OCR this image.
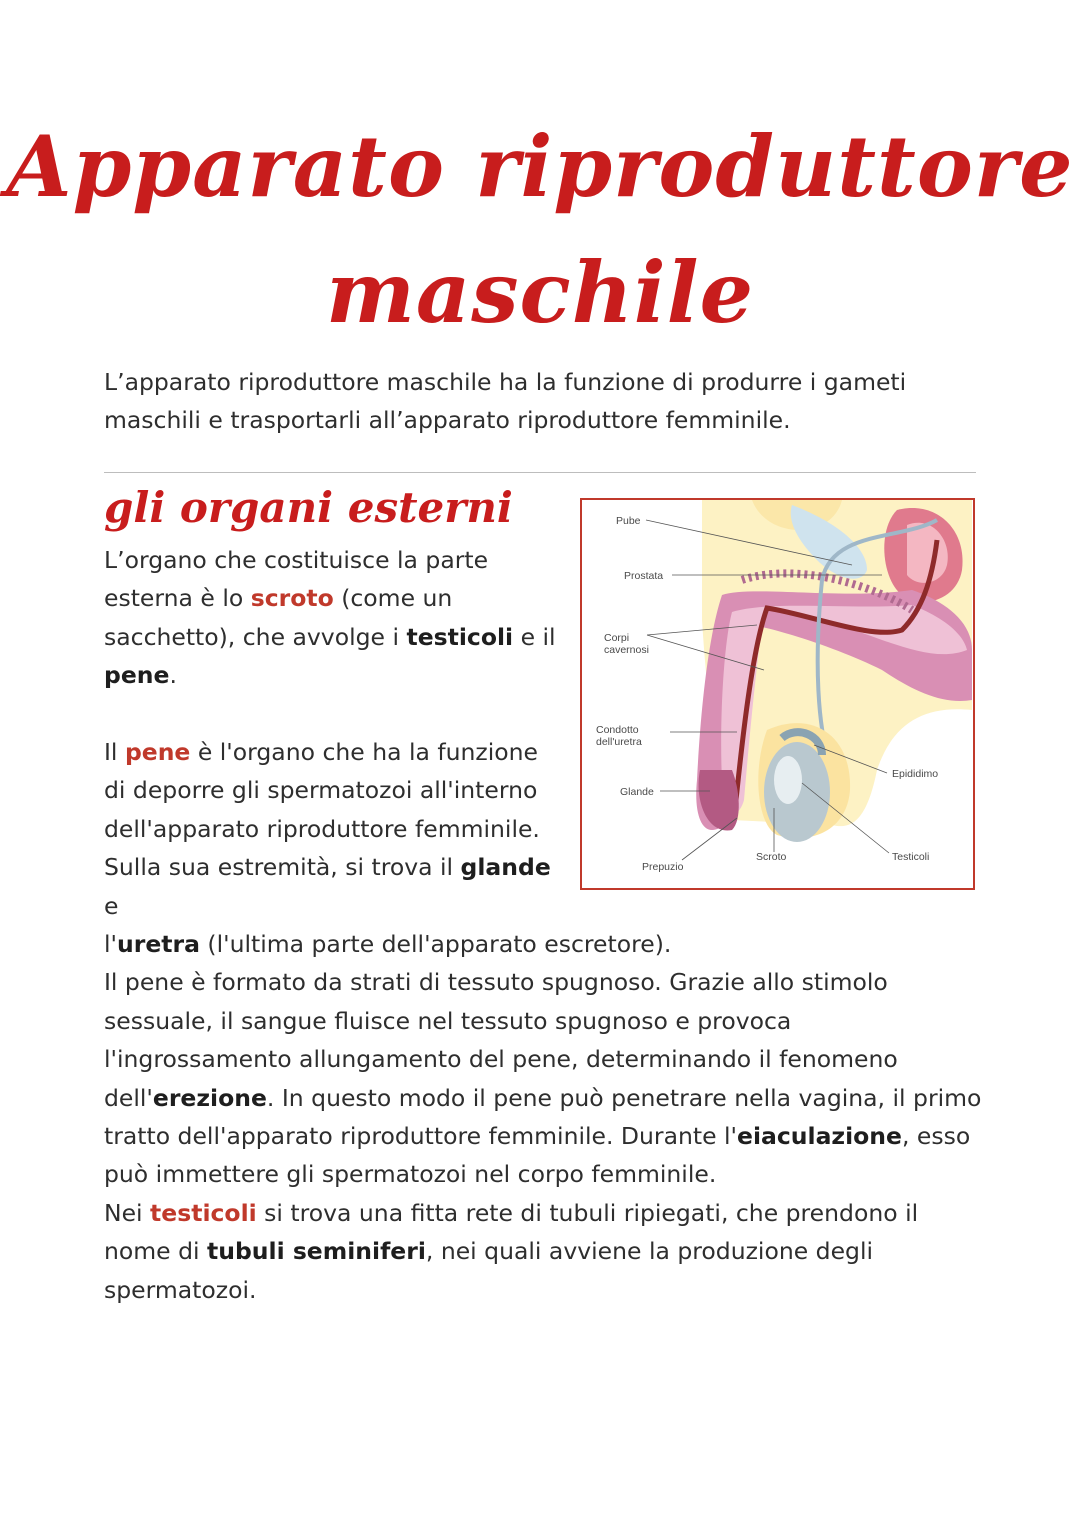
Apparato riproduttore
maschile

L’apparato riproduttore maschile ha la funzione di produrre i gameti maschili e trasportarli all’apparato riproduttore femminile.

gli organi esterni

L’organo che costituisce la parte esterna è lo scroto (come un sacchetto), che avvolge i testicoli e il pene.

Il pene è l'organo che ha la funzione di deporre gli spermatozoi all'interno dell'apparato riproduttore femminile. Sulla sua estremità, si trova il glande e

l'uretra (l'ultima parte dell'apparato escretore).
Il pene è formato da strati di tessuto spugnoso. Grazie allo stimolo sessuale, il sangue fluisce nel tessuto spugnoso e provoca l'ingrossamento allungamento del pene, determinando il fenomeno dell'erezione. In questo modo il pene può penetrare nella vagina, il primo tratto dell'apparato riproduttore femminile. Durante l'eiaculazione, esso può immettere gli spermatozoi nel corpo femminile.
Nei testicoli si trova una fitta rete di tubuli ripiegati, che prendono il nome di tubuli seminiferi, nei quali avviene la produzione degli spermatozoi.

Pube
Prostata
Corpi
cavernosi
Condotto
dell'uretra
Glande
Prepuzio
Scroto
Epididimo
Testicoli
